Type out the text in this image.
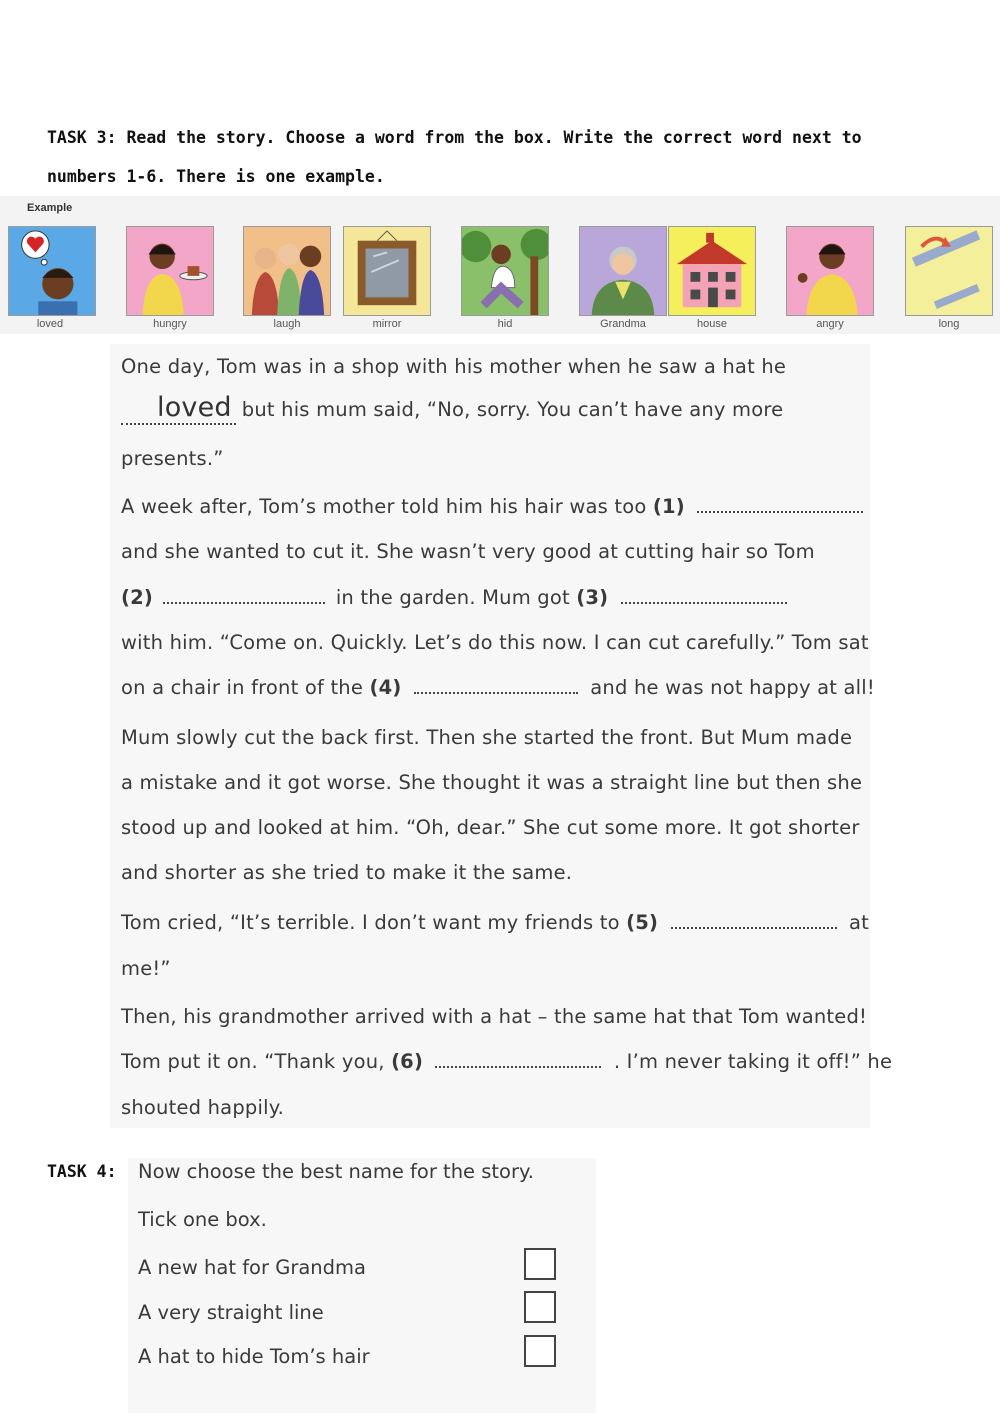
TASK 3: Read the story. Choose a word from the box. Write the correct word next to
numbers 1-6. There is one example.
Example
loved	hungry	laugh	mirror	hid	Grandma	house	angry	long
One day, Tom was in a shop with his mother when he saw a hat he
loved but his mum said, “No, sorry. You can’t have any more
presents.”
A week after, Tom’s mother told him his hair was too (1)
and she wanted to cut it. She wasn’t very good at cutting hair so Tom
(2)	in the garden. Mum got (3)
with him. “Come on. Quickly. Let’s do this now. I can cut carefully.” Tom sat
on a chair in front of the (4)	and he was not happy at all!
Mum slowly cut the back first. Then she started the front. But Mum made
a mistake and it got worse. She thought it was a straight line but then she
stood up and looked at him. “Oh, dear.” She cut some more. It got shorter
and shorter as she tried to make it the same.
Tom cried, “It’s terrible. I don’t want my friends to (5)	at
me!”
Then, his grandmother arrived with a hat – the same hat that Tom wanted!
Tom put it on. “Thank you, (6)	. I’m never taking it off!” he
shouted happily.
TASK 4: Now choose the best name for the story.
Tick one box.
A new hat for Grandma
A very straight line
A hat to hide Tom’s hair
